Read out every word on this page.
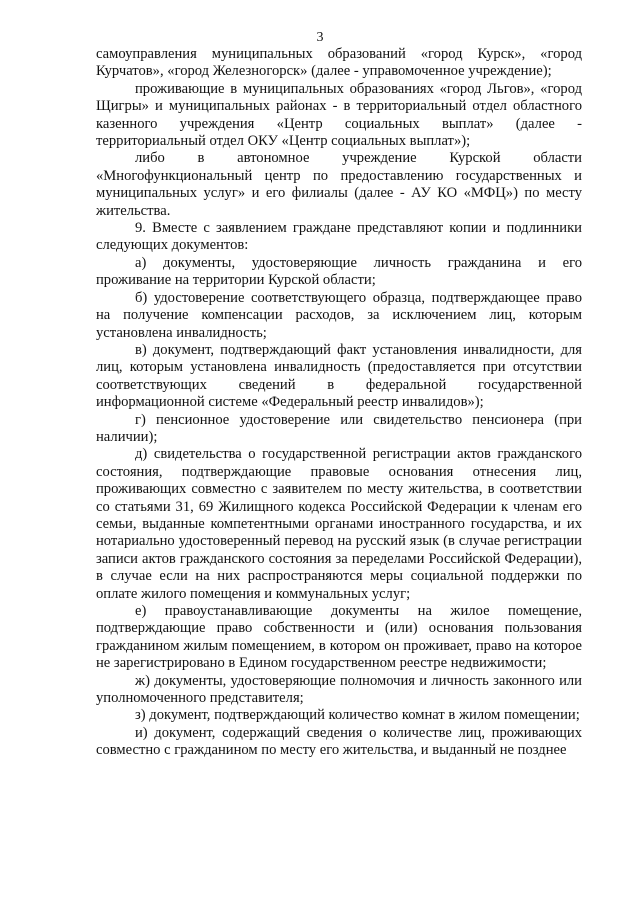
3

самоуправления муниципальных образований «город Курск», «город Курчатов», «город Железногорск» (далее - управомоченное учреждение);

проживающие в муниципальных образованиях «город Льгов», «город Щигры» и муниципальных районах - в территориальный отдел областного казенного учреждения «Центр социальных выплат» (далее - территориальный отдел ОКУ «Центр социальных выплат»);

либо в автономное учреждение Курской области «Многофункциональный центр по предоставлению государственных и муниципальных услуг» и его филиалы (далее - АУ КО «МФЦ») по месту жительства.

9. Вместе с заявлением граждане представляют копии и подлинники следующих документов:

а) документы, удостоверяющие личность гражданина и его проживание на территории Курской области;

б) удостоверение соответствующего образца, подтверждающее право на получение компенсации расходов, за исключением лиц, которым установлена инвалидность;

в) документ, подтверждающий факт установления инвалидности, для лиц, которым установлена инвалидность (предоставляется при отсутствии соответствующих сведений в федеральной государственной информационной системе «Федеральный реестр инвалидов»);

г) пенсионное удостоверение или свидетельство пенсионера (при наличии);

д) свидетельства о государственной регистрации актов гражданского состояния, подтверждающие правовые основания отнесения лиц, проживающих совместно с заявителем по месту жительства, в соответствии со статьями 31, 69 Жилищного кодекса Российской Федерации к членам его семьи, выданные компетентными органами иностранного государства, и их нотариально удостоверенный перевод на русский язык (в случае регистрации записи актов гражданского состояния за переделами Российской Федерации), в случае если на них распространяются меры социальной поддержки по оплате жилого помещения и коммунальных услуг;

е) правоустанавливающие документы на жилое помещение, подтверждающие право собственности и (или) основания пользования гражданином жилым помещением, в котором он проживает, право на которое не зарегистрировано в Едином государственном реестре недвижимости;

ж) документы, удостоверяющие полномочия и личность законного или уполномоченного представителя;

з) документ, подтверждающий количество комнат в жилом помещении;

и) документ, содержащий сведения о количестве лиц, проживающих совместно с гражданином по месту его жительства, и выданный не позднее
